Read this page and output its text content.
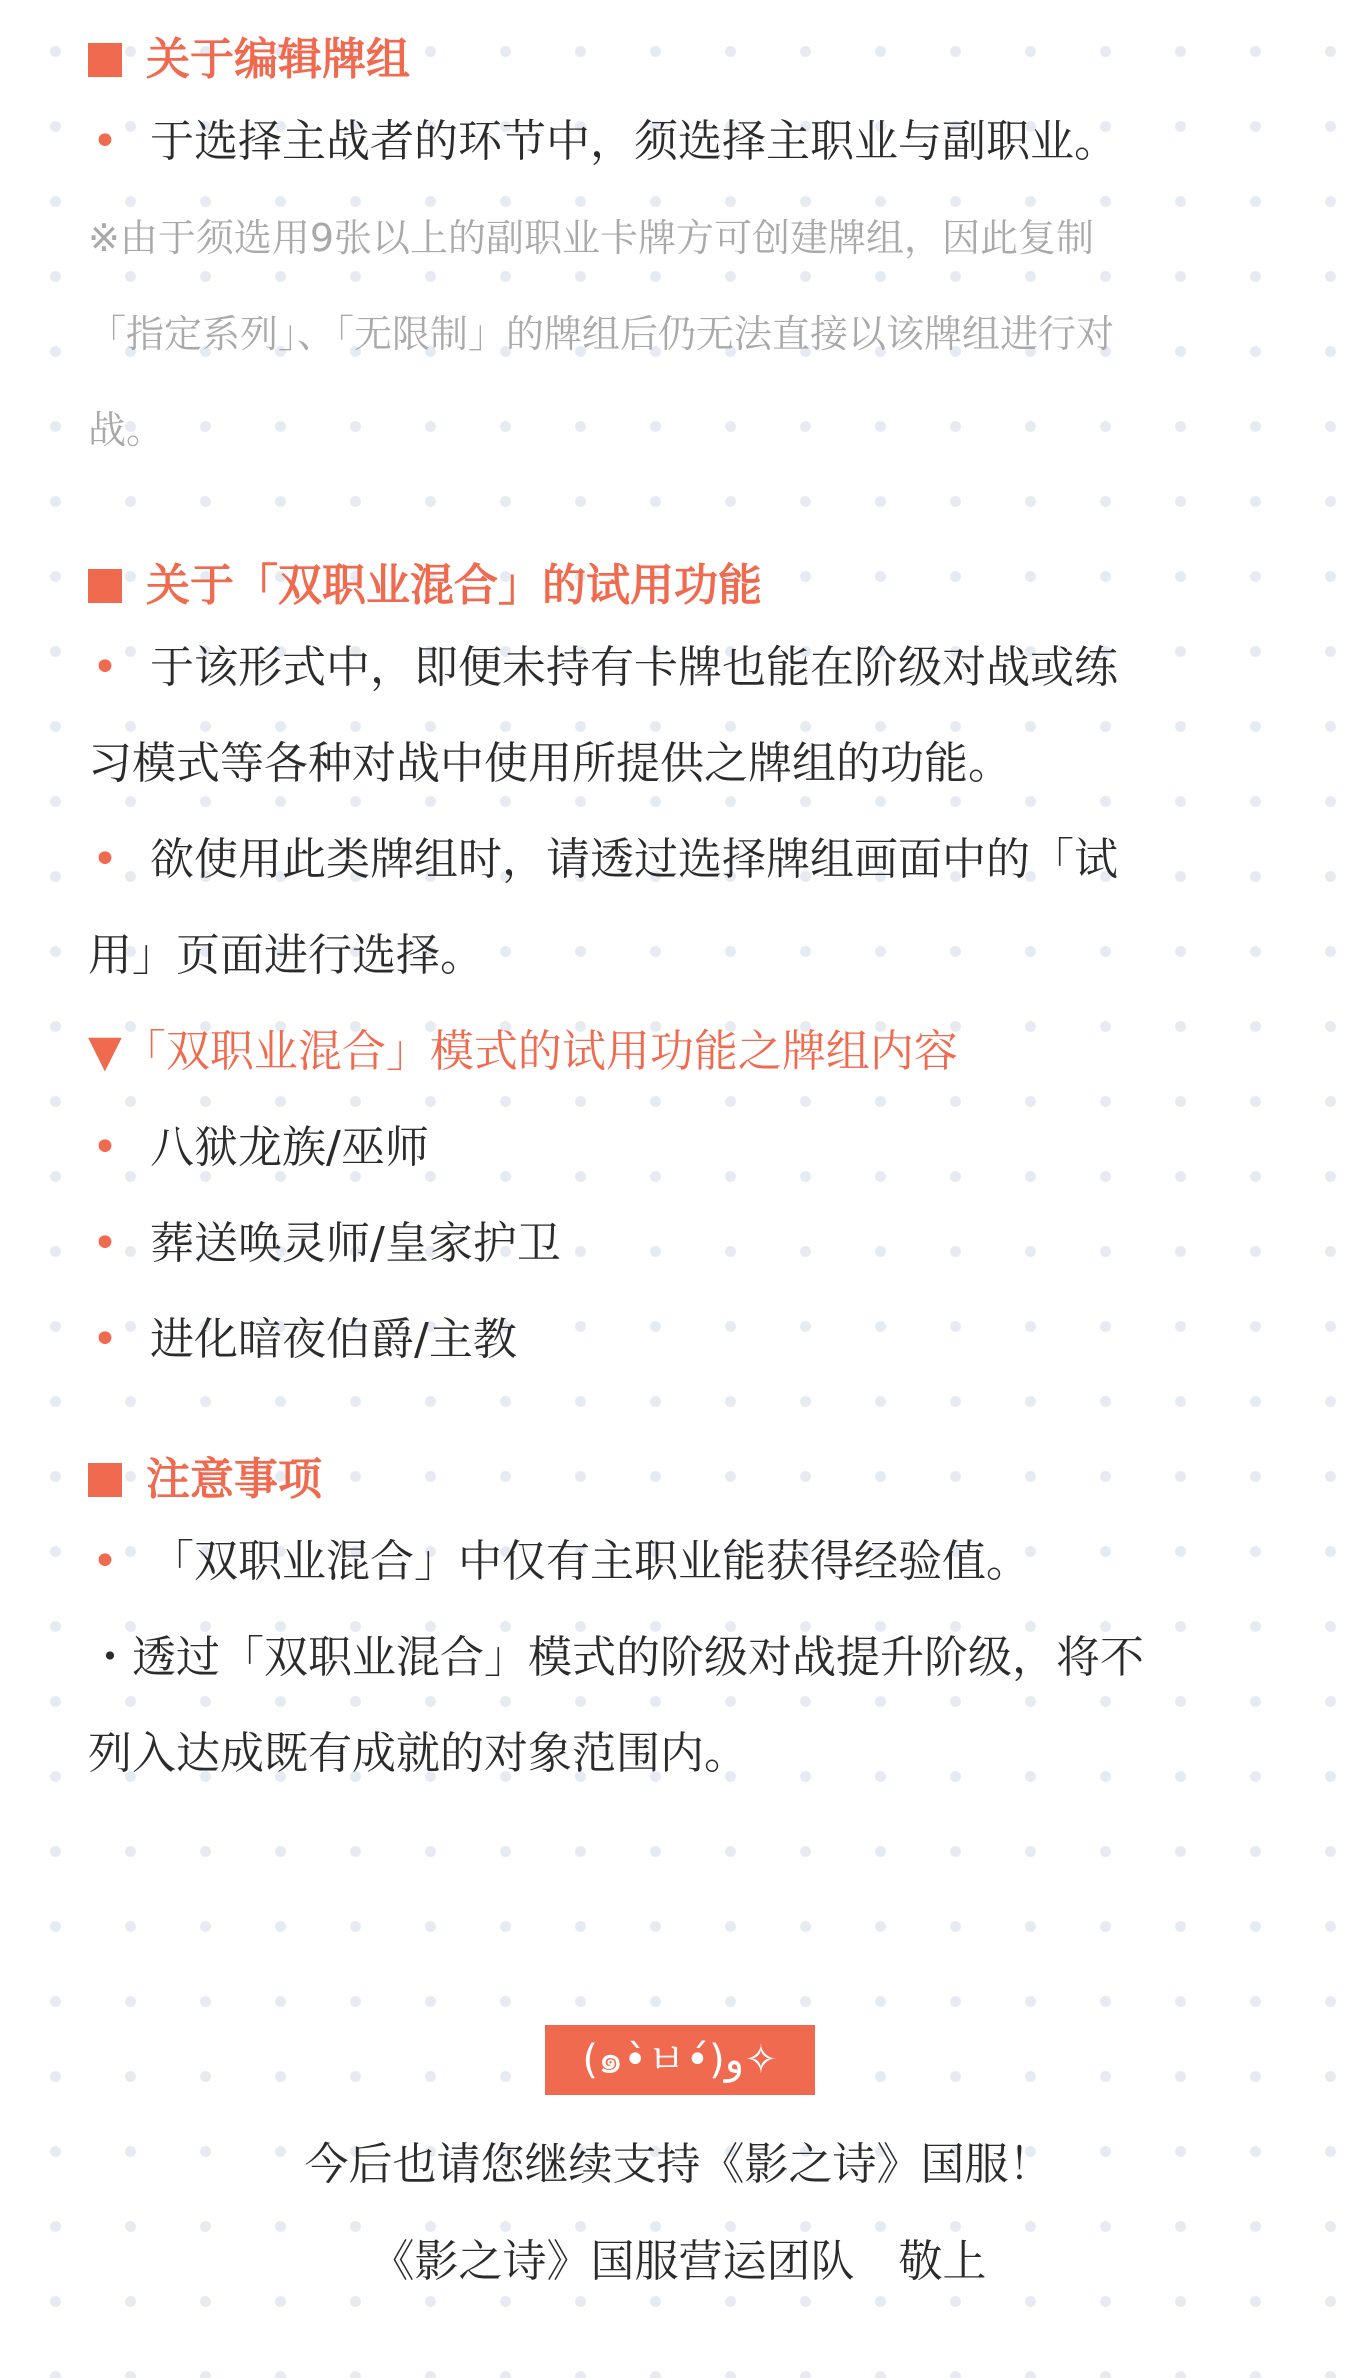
关于编辑牌组

• 于选择主战者的环节中，须选择主职业与副职业。

※由于须选用9张以上的副职业卡牌方可创建牌组，因此复制

「指定系列」、「无限制」的牌组后仍无法直接以该牌组进行对

战。

关于「双职业混合」的试用功能

• 于该形式中，即便未持有卡牌也能在阶级对战或练

习模式等各种对战中使用所提供之牌组的功能。

• 欲使用此类牌组时，请透过选择牌组画面中的「试

用」页面进行选择。

▼「双职业混合」模式的试用功能之牌组内容

• 八狱龙族/巫师

• 葬送唤灵师/皇家护卫

• 进化暗夜伯爵/主教

注意事项

• 「双职业混合」中仅有主职业能获得经验值。

・透过「双职业混合」模式的阶级对战提升阶级，将不

列入达成既有成就的对象范围内。

(๑•̀ㅂ•́)و✧
今后也请您继续支持《影之诗》国服！
《影之诗》国服营运团队　敬上
